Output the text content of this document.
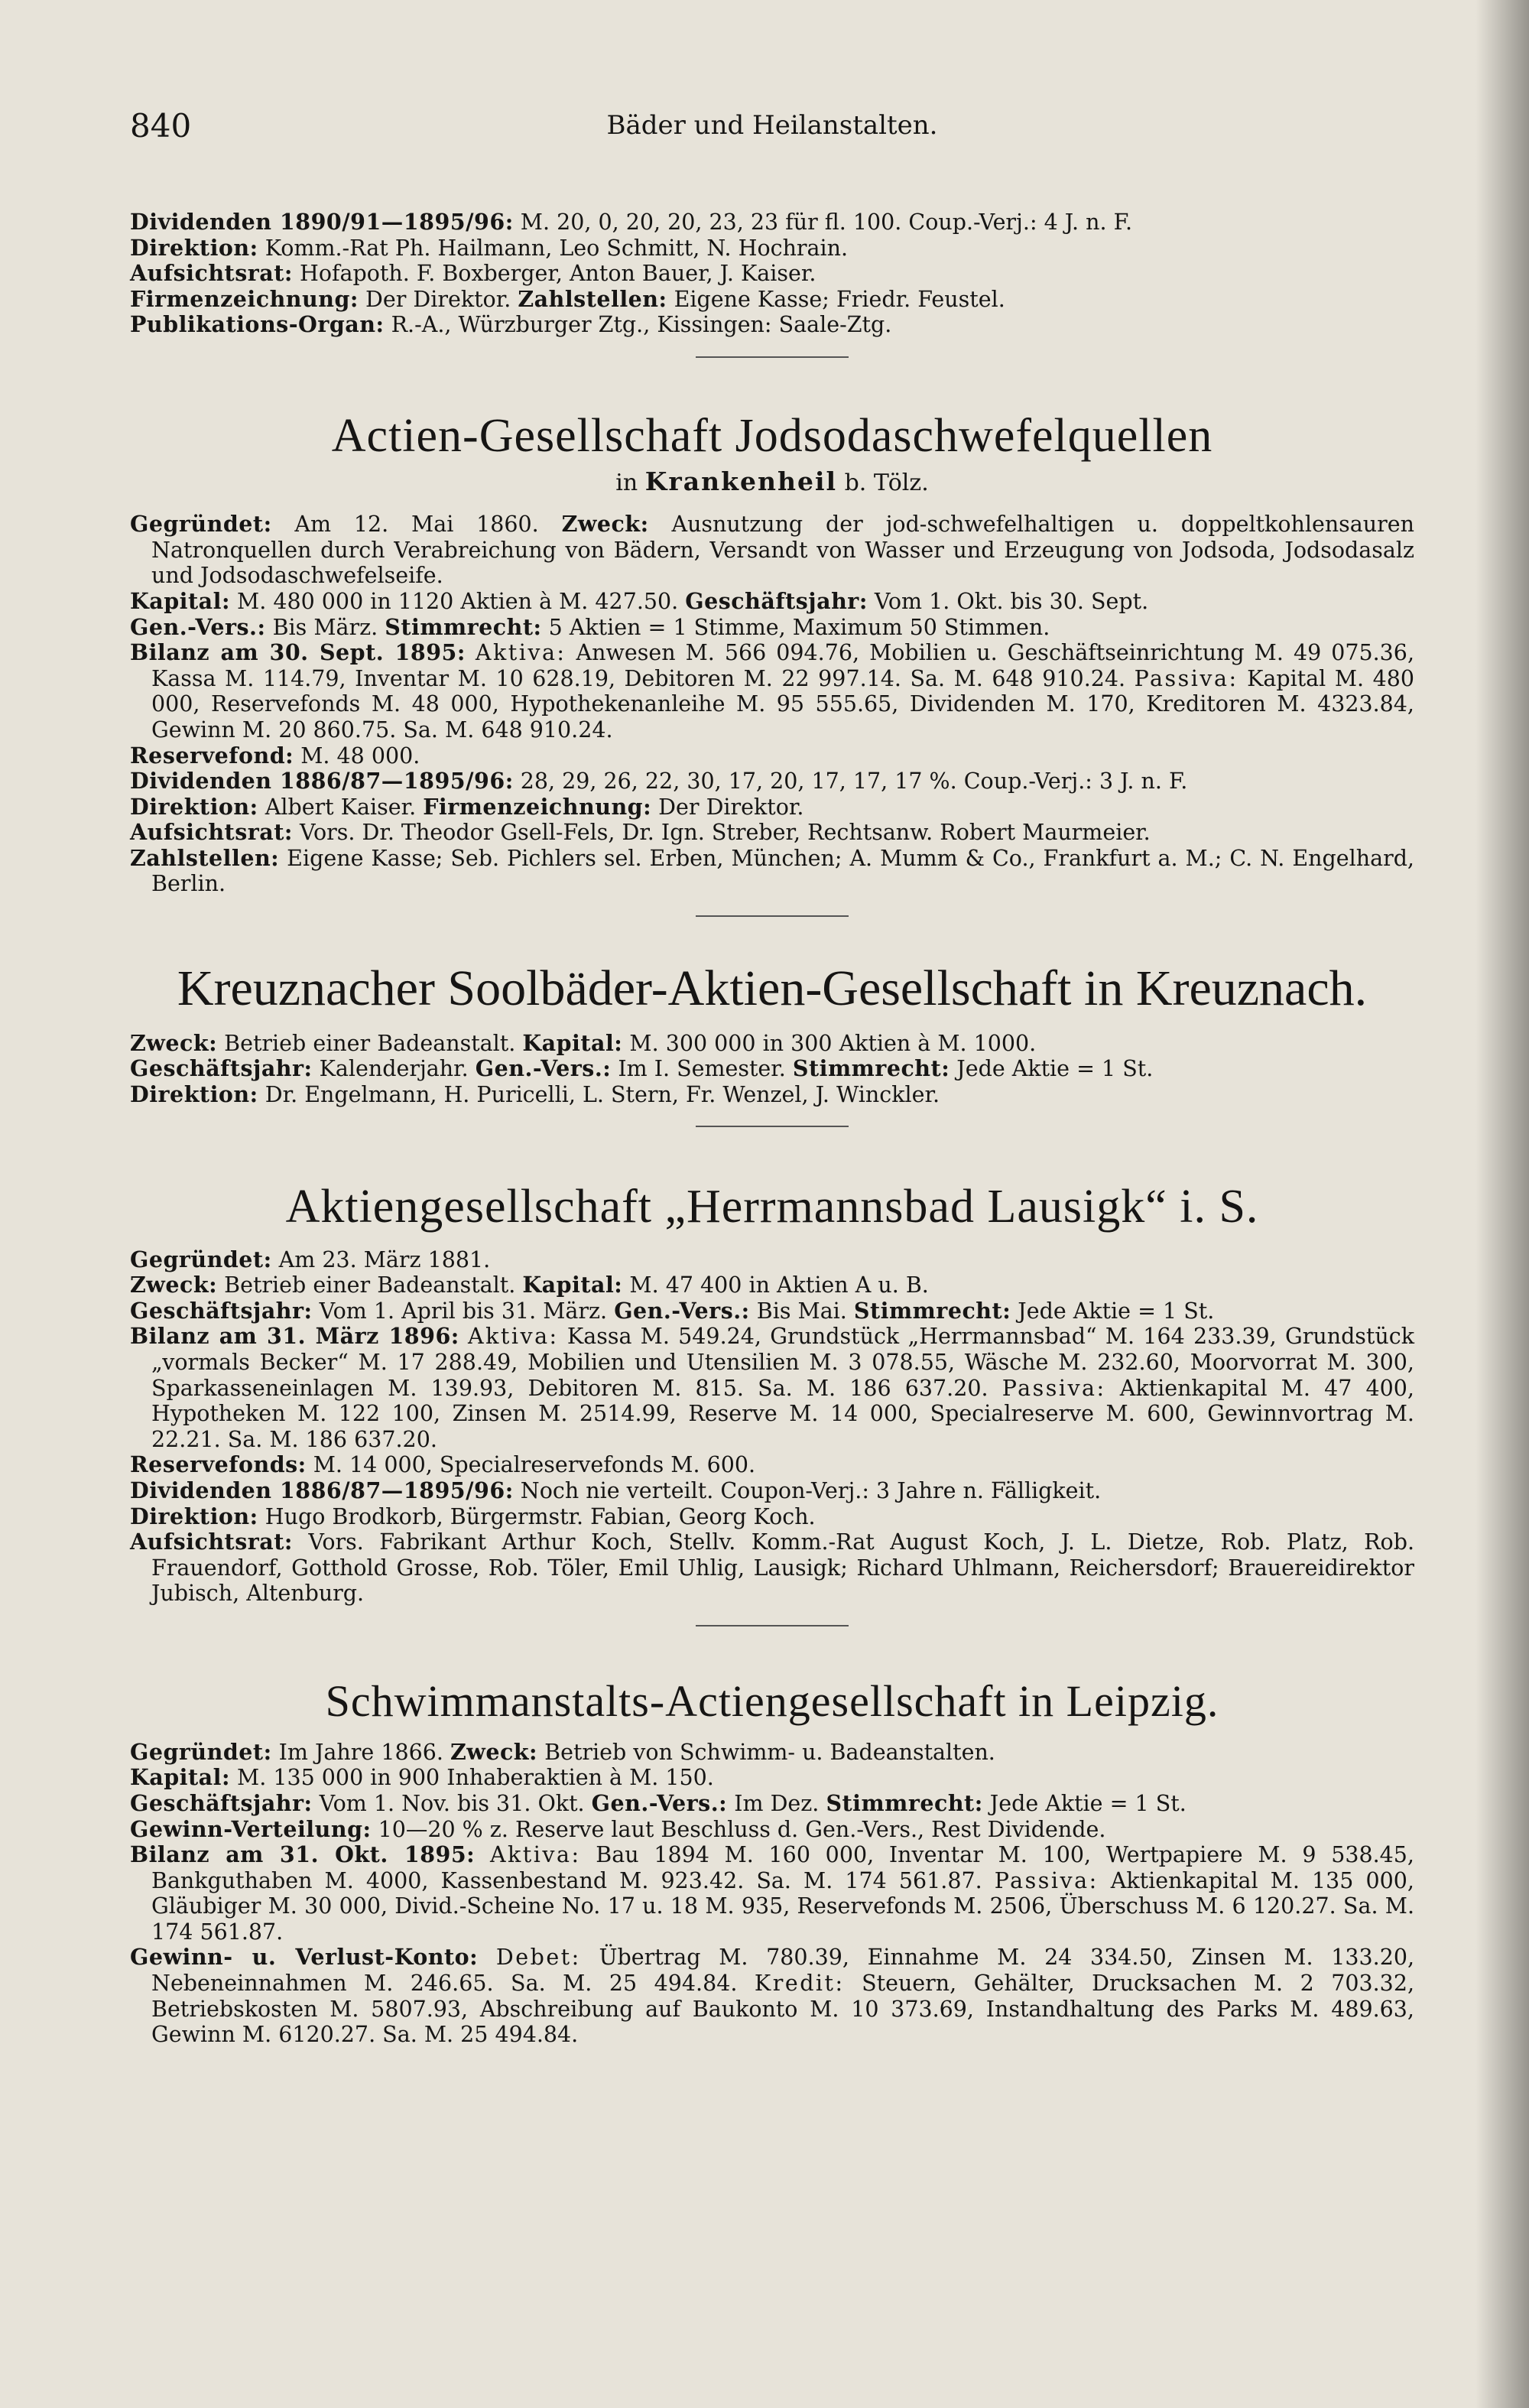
840	Bäder und Heilanstalten.

Dividenden 1890/91—1895/96: M. 20, 0, 20, 20, 23, 23 für fl. 100. Coup.-Verj.: 4 J. n. F.

Direktion: Komm.-Rat Ph. Hailmann, Leo Schmitt, N. Hochrain.

Aufsichtsrat: Hofapoth. F. Boxberger, Anton Bauer, J. Kaiser.

Firmenzeichnung: Der Direktor. Zahlstellen: Eigene Kasse; Friedr. Feustel.

Publikations-Organ: R.-A., Würzburger Ztg., Kissingen: Saale-Ztg.

Actien-Gesellschaft Jodsodaschwefelquellen
in Krankenheil b. Tölz.

Gegründet: Am 12. Mai 1860. Zweck: Ausnutzung der jod-schwefelhaltigen u. doppeltkohlensauren Natronquellen durch Verabreichung von Bädern, Versandt von Wasser und Erzeugung von Jodsoda, Jodsodasalz und Jodsodaschwefelseife.

Kapital: M. 480 000 in 1120 Aktien à M. 427.50. Geschäftsjahr: Vom 1. Okt. bis 30. Sept.

Gen.-Vers.: Bis März. Stimmrecht: 5 Aktien = 1 Stimme, Maximum 50 Stimmen.

Bilanz am 30. Sept. 1895: Aktiva: Anwesen M. 566 094.76, Mobilien u. Geschäftseinrichtung M. 49 075.36, Kassa M. 114.79, Inventar M. 10 628.19, Debitoren M. 22 997.14. Sa. M. 648 910.24. Passiva: Kapital M. 480 000, Reservefonds M. 48 000, Hypothekenanleihe M. 95 555.65, Dividenden M. 170, Kreditoren M. 4323.84, Gewinn M. 20 860.75. Sa. M. 648 910.24.

Reservefond: M. 48 000.

Dividenden 1886/87—1895/96: 28, 29, 26, 22, 30, 17, 20, 17, 17, 17 %. Coup.-Verj.: 3 J. n. F.

Direktion: Albert Kaiser. Firmenzeichnung: Der Direktor.

Aufsichtsrat: Vors. Dr. Theodor Gsell-Fels, Dr. Ign. Streber, Rechtsanw. Robert Maurmeier.

Zahlstellen: Eigene Kasse; Seb. Pichlers sel. Erben, München; A. Mumm & Co., Frankfurt a. M.; C. N. Engelhard, Berlin.

Kreuznacher Soolbäder-Aktien-Gesellschaft in Kreuznach.

Zweck: Betrieb einer Badeanstalt. Kapital: M. 300 000 in 300 Aktien à M. 1000.

Geschäftsjahr: Kalenderjahr. Gen.-Vers.: Im I. Semester. Stimmrecht: Jede Aktie = 1 St.

Direktion: Dr. Engelmann, H. Puricelli, L. Stern, Fr. Wenzel, J. Winckler.

Aktiengesellschaft „Herrmannsbad Lausigk“ i. S.

Gegründet: Am 23. März 1881.

Zweck: Betrieb einer Badeanstalt. Kapital: M. 47 400 in Aktien A u. B.

Geschäftsjahr: Vom 1. April bis 31. März. Gen.-Vers.: Bis Mai. Stimmrecht: Jede Aktie = 1 St.

Bilanz am 31. März 1896: Aktiva: Kassa M. 549.24, Grundstück „Herrmannsbad“ M. 164 233.39, Grundstück „vormals Becker“ M. 17 288.49, Mobilien und Utensilien M. 3 078.55, Wäsche M. 232.60, Moorvorrat M. 300, Sparkasseneinlagen M. 139.93, Debitoren M. 815. Sa. M. 186 637.20. Passiva: Aktienkapital M. 47 400, Hypotheken M. 122 100, Zinsen M. 2514.99, Reserve M. 14 000, Specialreserve M. 600, Gewinnvortrag M. 22.21. Sa. M. 186 637.20.

Reservefonds: M. 14 000, Specialreservefonds M. 600.

Dividenden 1886/87—1895/96: Noch nie verteilt. Coupon-Verj.: 3 Jahre n. Fälligkeit.

Direktion: Hugo Brodkorb, Bürgermstr. Fabian, Georg Koch.

Aufsichtsrat: Vors. Fabrikant Arthur Koch, Stellv. Komm.-Rat August Koch, J. L. Dietze, Rob. Platz, Rob. Frauendorf, Gotthold Grosse, Rob. Töler, Emil Uhlig, Lausigk; Richard Uhlmann, Reichersdorf; Brauereidirektor Jubisch, Altenburg.

Schwimmanstalts-Actiengesellschaft in Leipzig.

Gegründet: Im Jahre 1866. Zweck: Betrieb von Schwimm- u. Badeanstalten.

Kapital: M. 135 000 in 900 Inhaberaktien à M. 150.

Geschäftsjahr: Vom 1. Nov. bis 31. Okt. Gen.-Vers.: Im Dez. Stimmrecht: Jede Aktie = 1 St.

Gewinn-Verteilung: 10—20 % z. Reserve laut Beschluss d. Gen.-Vers., Rest Dividende.

Bilanz am 31. Okt. 1895: Aktiva: Bau 1894 M. 160 000, Inventar M. 100, Wertpapiere M. 9 538.45, Bankguthaben M. 4000, Kassenbestand M. 923.42. Sa. M. 174 561.87. Passiva: Aktienkapital M. 135 000, Gläubiger M. 30 000, Divid.-Scheine No. 17 u. 18 M. 935, Reservefonds M. 2506, Überschuss M. 6 120.27. Sa. M. 174 561.87.

Gewinn- u. Verlust-Konto: Debet: Übertrag M. 780.39, Einnahme M. 24 334.50, Zinsen M. 133.20, Nebeneinnahmen M. 246.65. Sa. M. 25 494.84. Kredit: Steuern, Gehälter, Drucksachen M. 2 703.32, Betriebskosten M. 5807.93, Abschreibung auf Baukonto M. 10 373.69, Instandhaltung des Parks M. 489.63, Gewinn M. 6120.27. Sa. M. 25 494.84.
